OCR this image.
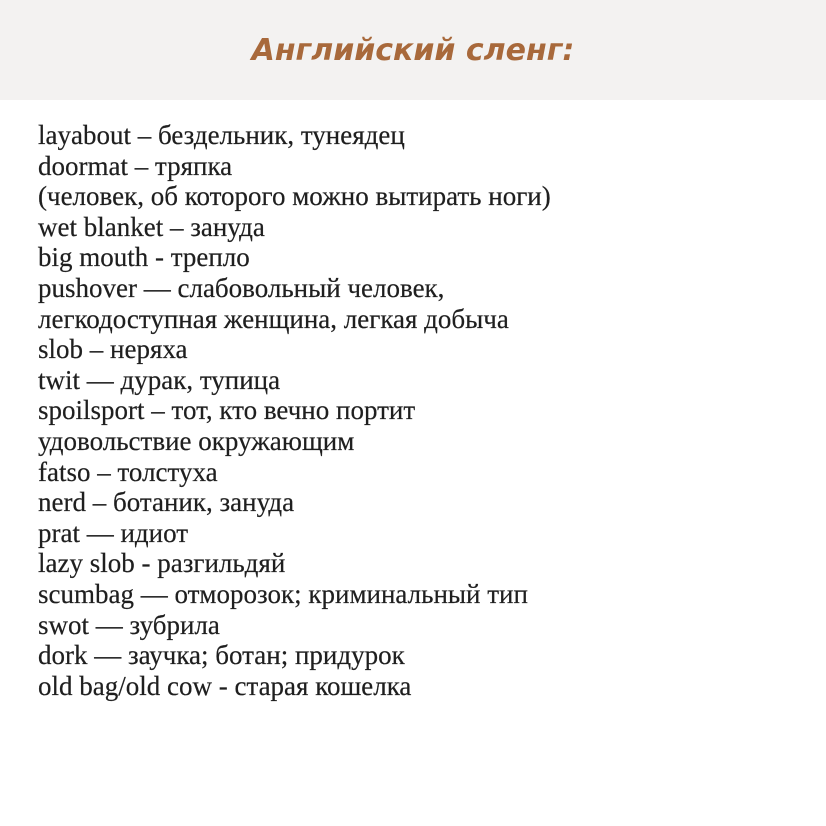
Английский сленг:
layabout – бездельник, тунеядец
doormat – тряпка
(человек, об которого можно вытирать ноги)
wet blanket – зануда
big mouth - трепло
pushover — слабовольный человек,
легкодоступная женщина, легкая добыча
slob – неряха
twit — дурак, тупица
spoilsport – тот, кто вечно портит
удовольствие окружающим
fatso – толстуха
nerd – ботаник, зануда
prat — идиот
lazy slob - разгильдяй
scumbag — отморозок; криминальный тип
swot — зубрила
dork — заучка; ботан; придурок
old bag/old cow - старая кошелка
